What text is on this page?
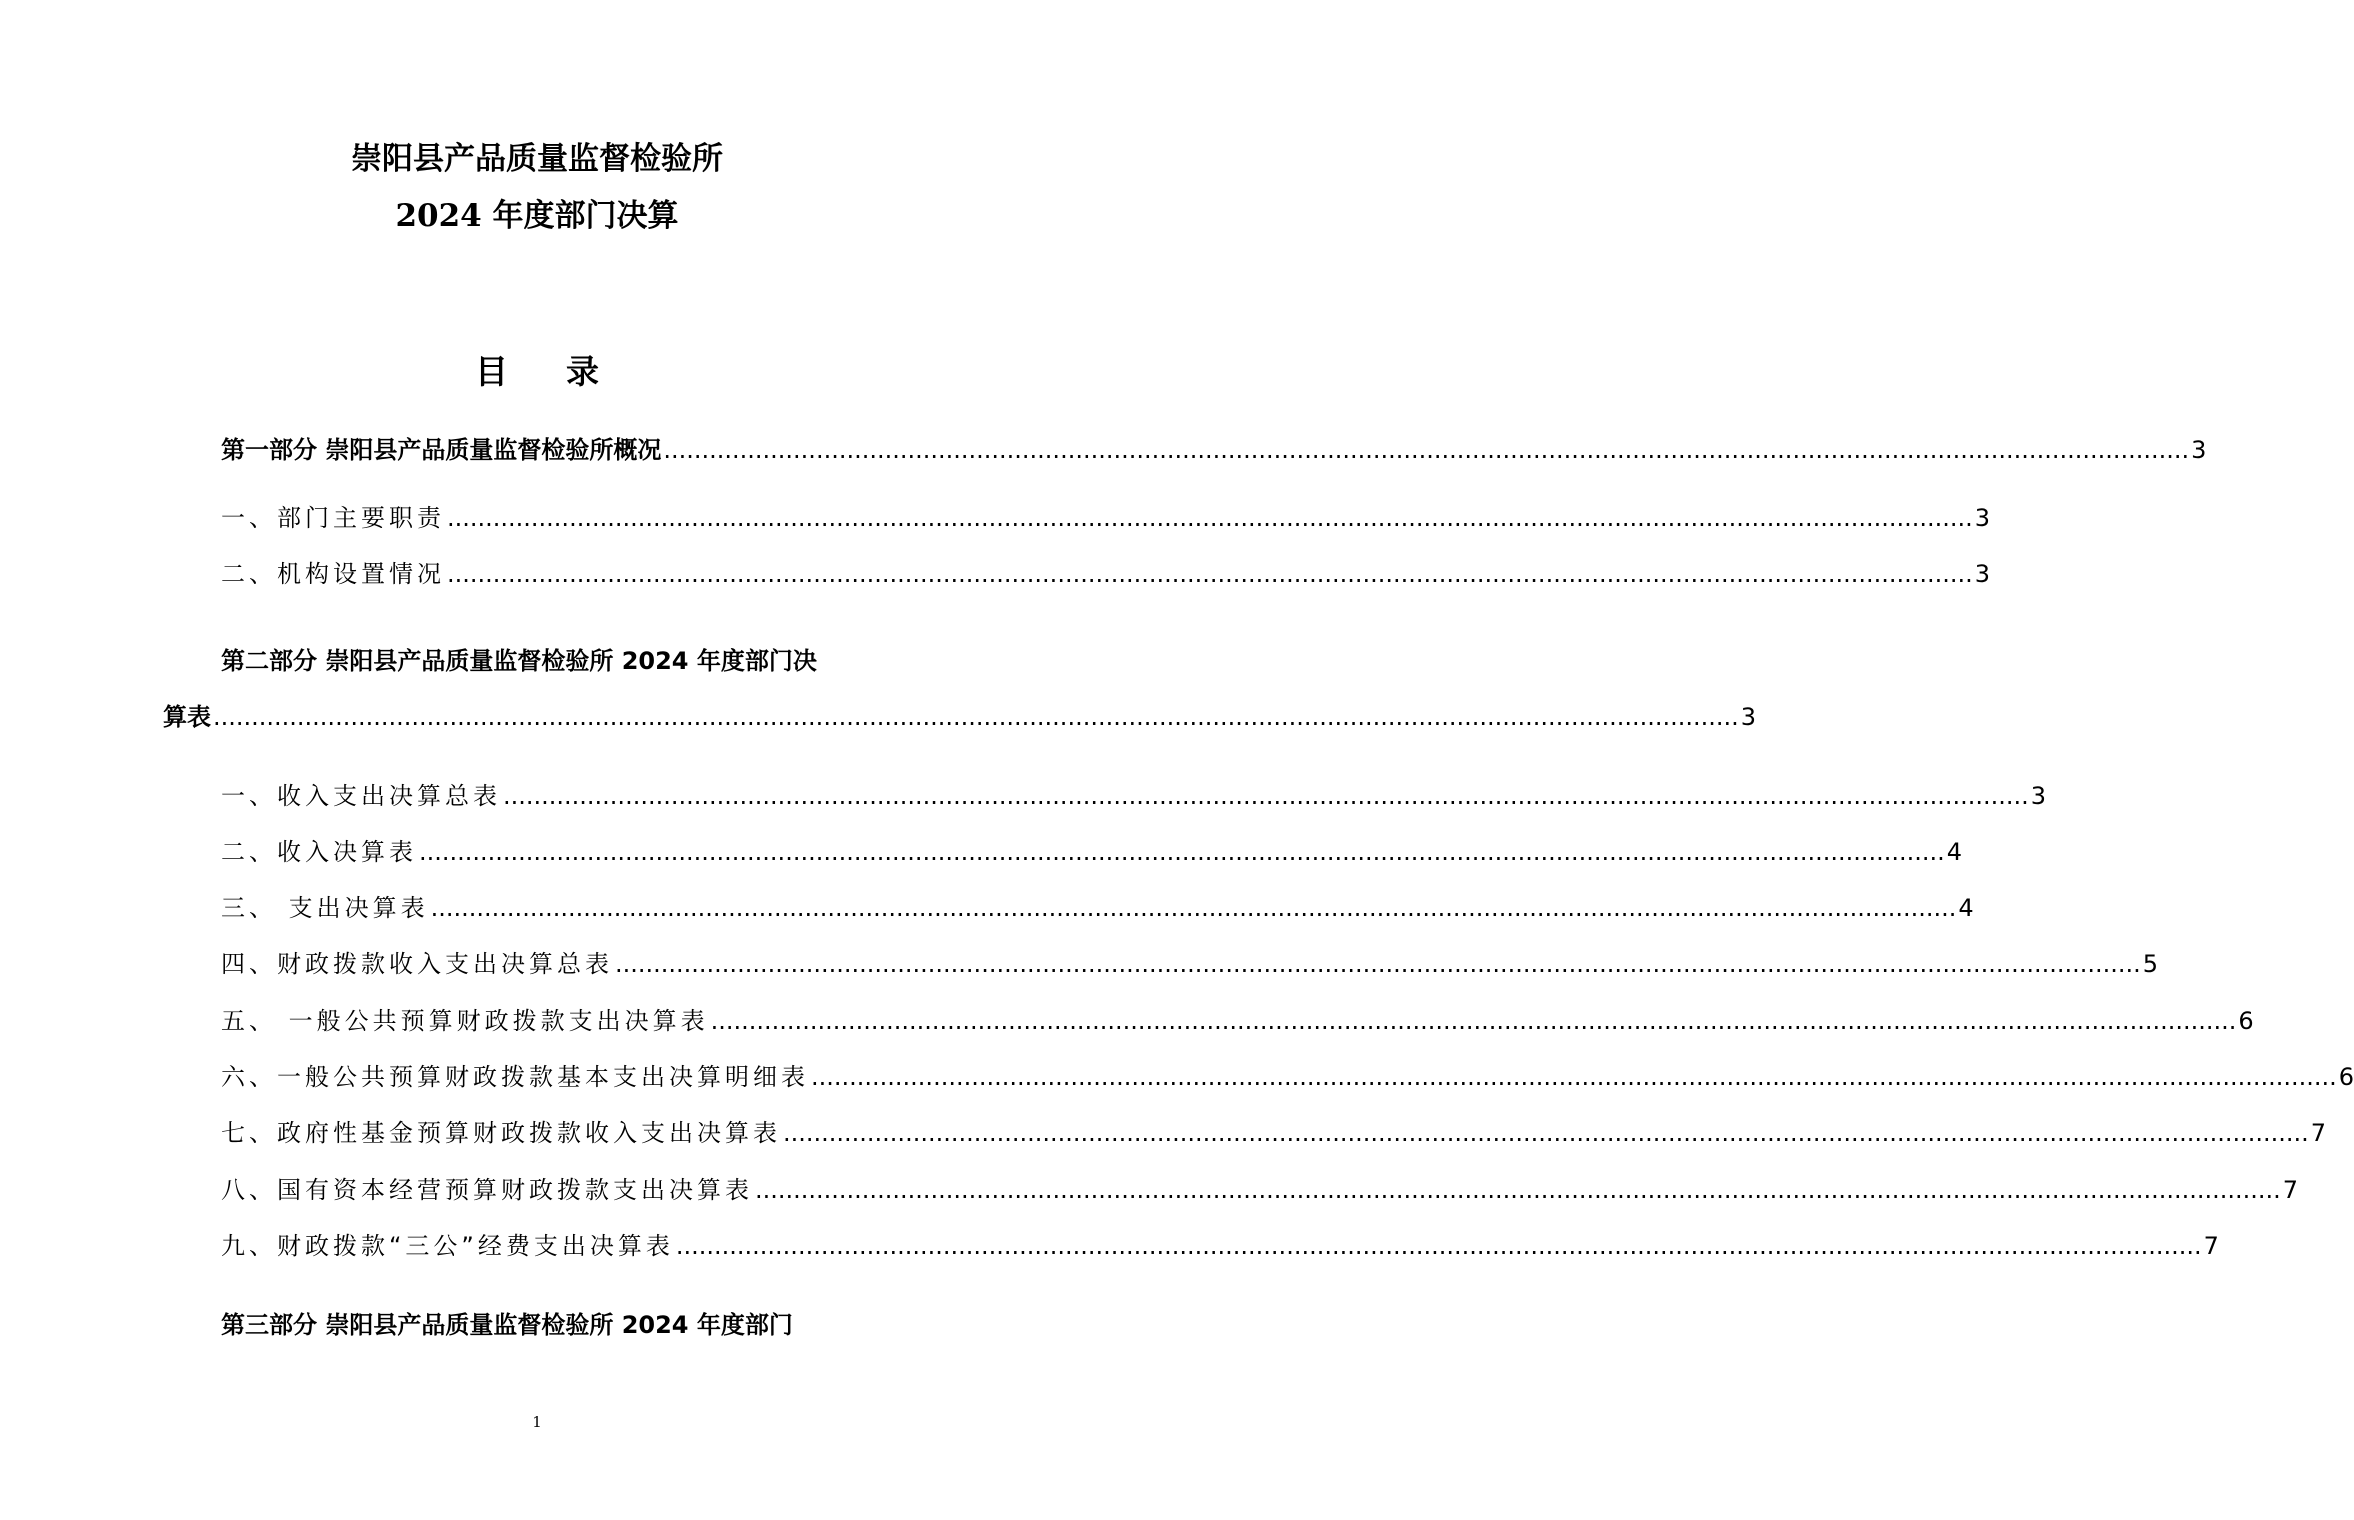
崇阳县产品质量监督检验所
2024 年度部门决算
目录
第一部分 崇阳县产品质量监督检验所概况 ........................................................................................................................................................................................................ 3
一、部门主要职责 ........................................................................................................................................................................................................ 3
二、机构设置情况 ........................................................................................................................................................................................................ 3
第二部分 崇阳县产品质量监督检验所 2024 年度部门决
算表 ........................................................................................................................................................................................................ 3
一、收入支出决算总表 ........................................................................................................................................................................................................ 3
二、收入决算表 ........................................................................................................................................................................................................ 4
三、 支出决算表 ........................................................................................................................................................................................................ 4
四、财政拨款收入支出决算总表 ........................................................................................................................................................................................................ 5
五、 一般公共预算财政拨款支出决算表 ........................................................................................................................................................................................................ 6
六、一般公共预算财政拨款基本支出决算明细表 ........................................................................................................................................................................................................ 6
七、政府性基金预算财政拨款收入支出决算表 ........................................................................................................................................................................................................ 7
八、国有资本经营预算财政拨款支出决算表 ........................................................................................................................................................................................................ 7
九、财政拨款“三公”经费支出决算表 ........................................................................................................................................................................................................ 7
第三部分 崇阳县产品质量监督检验所 2024 年度部门
1
